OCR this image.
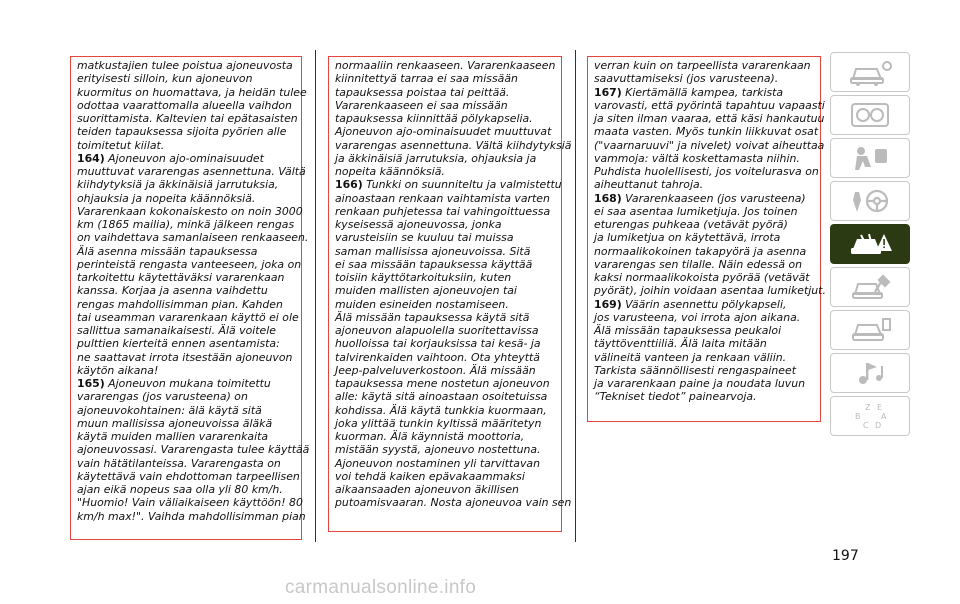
matkustajien tulee poistua ajoneuvosta
erityisesti silloin, kun ajoneuvon
kuormitus on huomattava, ja heidän tulee
odottaa vaarattomalla alueella vaihdon
suorittamista. Kaltevien tai epätasaisten
teiden tapauksessa sijoita pyörien alle
toimitetut kiilat.
164) Ajoneuvon ajo-ominaisuudet
muuttuvat vararengas asennettuna. Vältä
kiihdytyksiä ja äkkinäisiä jarrutuksia,
ohjauksia ja nopeita käännöksiä.
Vararenkaan kokonaiskesto on noin 3000
km (1865 mailia), minkä jälkeen rengas
on vaihdettava samanlaiseen renkaaseen.
Älä asenna missään tapauksessa
perinteistä rengasta vanteeseen, joka on
tarkoitettu käytettäväksi vararenkaan
kanssa. Korjaa ja asenna vaihdettu
rengas mahdollisimman pian. Kahden
tai useamman vararenkaan käyttö ei ole
sallittua samanaikaisesti. Älä voitele
pulttien kierteitä ennen asentamista:
ne saattavat irrota itsestään ajoneuvon
käytön aikana!
165) Ajoneuvon mukana toimitettu
vararengas (jos varusteena) on
ajoneuvokohtainen: älä käytä sitä
muun mallisissa ajoneuvoissa äläkä
käytä muiden mallien vararenkaita
ajoneuvossasi. Vararengasta tulee käyttää
vain hätätilanteissa. Vararengasta on
käytettävä vain ehdottoman tarpeellisen
ajan eikä nopeus saa olla yli 80 km/h.
"Huomio! Vain väliaikaiseen käyttöön! 80
km/h max!". Vaihda mahdollisimman pian
normaaliin renkaaseen. Vararenkaaseen
kiinnitettyä tarraa ei saa missään
tapauksessa poistaa tai peittää.
Vararenkaaseen ei saa missään
tapauksessa kiinnittää pölykapselia.
Ajoneuvon ajo-ominaisuudet muuttuvat
vararengas asennettuna. Vältä kiihdytyksiä
ja äkkinäisiä jarrutuksia, ohjauksia ja
nopeita käännöksiä.
166) Tunkki on suunniteltu ja valmistettu
ainoastaan renkaan vaihtamista varten
renkaan puhjetessa tai vahingoittuessa
kyseisessä ajoneuvossa, jonka
varusteisiin se kuuluu tai muissa
saman mallisissa ajoneuvoissa. Sitä
ei saa missään tapauksessa käyttää
toisiin käyttötarkoituksiin, kuten
muiden mallisten ajoneuvojen tai
muiden esineiden nostamiseen.
Älä missään tapauksessa käytä sitä
ajoneuvon alapuolella suoritettavissa
huolloissa tai korjauksissa tai kesä- ja
talvirenkaiden vaihtoon. Ota yhteyttä
Jeep-palveluverkostoon. Älä missään
tapauksessa mene nostetun ajoneuvon
alle: käytä sitä ainoastaan osoitetuissa
kohdissa. Älä käytä tunkkia kuormaan,
joka ylittää tunkin kyltissä määritetyn
kuorman. Älä käynnistä moottoria,
mistään syystä, ajoneuvo nostettuna.
Ajoneuvon nostaminen yli tarvittavan
voi tehdä kaiken epävakaammaksi
aikaansaaden ajoneuvon äkillisen
putoamisvaaran. Nosta ajoneuvoa vain sen
verran kuin on tarpeellista vararenkaan
saavuttamiseksi (jos varusteena).
167) Kiertämällä kampea, tarkista
varovasti, että pyörintä tapahtuu vapaasti
ja siten ilman vaaraa, että käsi hankautuu
maata vasten. Myös tunkin liikkuvat osat
("vaarnaruuvi" ja nivelet) voivat aiheuttaa
vammoja: vältä koskettamasta niihin.
Puhdista huolellisesti, jos voitelurasva on
aiheuttanut tahroja.
168) Vararenkaaseen (jos varusteena)
ei saa asentaa lumiketjuja. Jos toinen
eturengas puhkeaa (vetävät pyörä)
ja lumiketjua on käytettävä, irrota
normaalikokoinen takapyörä ja asenna
vararengas sen tilalle. Näin edessä on
kaksi normaalikokoista pyörää (vetävät
pyörät), joihin voidaan asentaa lumiketjut.
169) Väärin asennettu pölykapseli,
jos varusteena, voi irrota ajon aikana.
Älä missään tapauksessa peukaloi
täyttöventtiiliä. Älä laita mitään
välineitä vanteen ja renkaan väliin.
Tarkista säännöllisesti rengaspaineet
ja vararenkaan paine ja noudata luvun
“Tekniset tiedot” painearvoja.
Z E
B	A
C D
197
carmanualsonline.info
